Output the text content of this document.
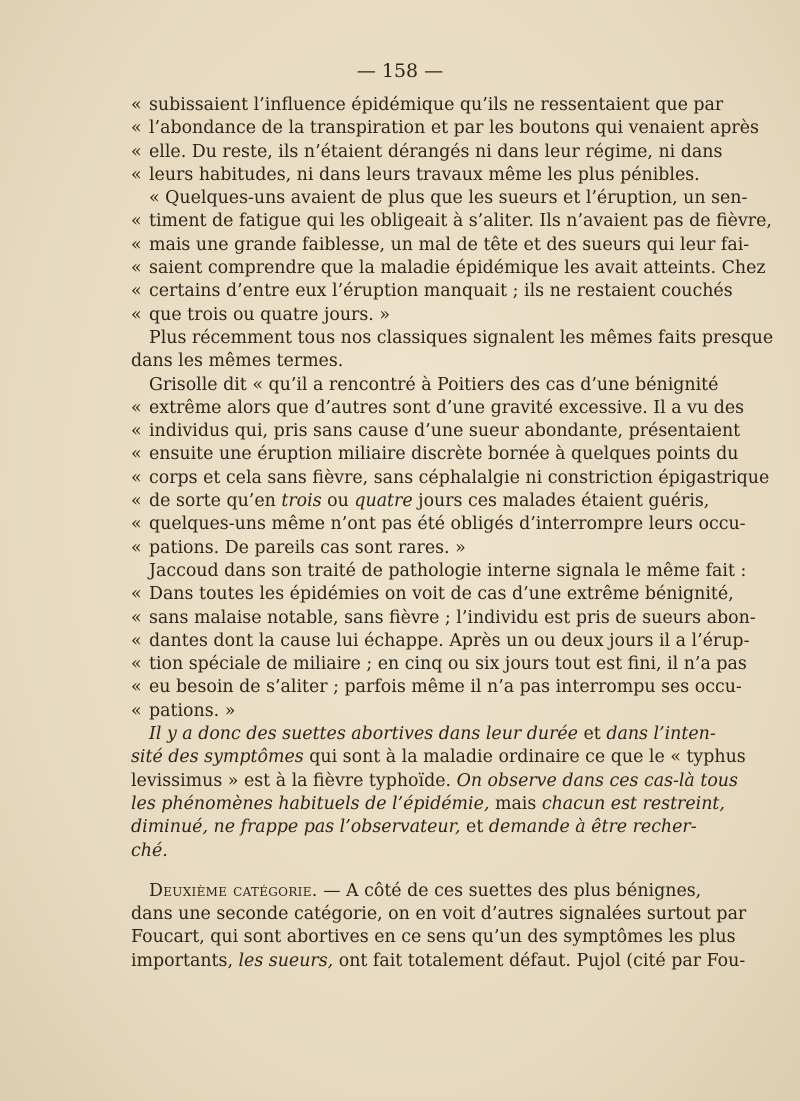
— 158 —
« subissaient l’influence épidémique qu’ils ne ressentaient que par
« l’abondance de la transpiration et par les boutons qui venaient après
« elle. Du reste, ils n’étaient dérangés ni dans leur régime, ni dans
« leurs habitudes, ni dans leurs travaux même les plus pénibles.
« Quelques-uns avaient de plus que les sueurs et l’éruption, un sen-
« timent de fatigue qui les obligeait à s’aliter. Ils n’avaient pas de fièvre,
« mais une grande faiblesse, un mal de tête et des sueurs qui leur fai-
« saient comprendre que la maladie épidémique les avait atteints. Chez
« certains d’entre eux l’éruption manquait ; ils ne restaient couchés
« que trois ou quatre jours. »
Plus récemment tous nos classiques signalent les mêmes faits presque
dans les mêmes termes.
Grisolle dit « qu’il a rencontré à Poitiers des cas d’une bénignité
« extrême alors que d’autres sont d’une gravité excessive. Il a vu des
« individus qui, pris sans cause d’une sueur abondante, présentaient
« ensuite une éruption miliaire discrète bornée à quelques points du
« corps et cela sans fièvre, sans céphalalgie ni constriction épigastrique
« de sorte qu’en trois ou quatre jours ces malades étaient guéris,
« quelques-uns même n’ont pas été obligés d’interrompre leurs occu-
« pations. De pareils cas sont rares. »
Jaccoud dans son traité de pathologie interne signala le même fait :
« Dans toutes les épidémies on voit de cas d’une extrême bénignité,
« sans malaise notable, sans fièvre ; l’individu est pris de sueurs abon-
« dantes dont la cause lui échappe. Après un ou deux jours il a l’érup-
« tion spéciale de miliaire ; en cinq ou six jours tout est fini, il n’a pas
« eu besoin de s’aliter ; parfois même il n’a pas interrompu ses occu-
« pations. »
Il y a donc des suettes abortives dans leur durée et dans l’inten-
sité des symptômes qui sont à la maladie ordinaire ce que le « typhus
levissimus » est à la fièvre typhoïde. On observe dans ces cas-là tous
les phénomènes habituels de l’épidémie, mais chacun est restreint,
diminué, ne frappe pas l’observateur, et demande à être recher-
ché.
Deuxième catégorie. — A côté de ces suettes des plus bénignes,
dans une seconde catégorie, on en voit d’autres signalées surtout par
Foucart, qui sont abortives en ce sens qu’un des symptômes les plus
importants, les sueurs, ont fait totalement défaut. Pujol (cité par Fou-
